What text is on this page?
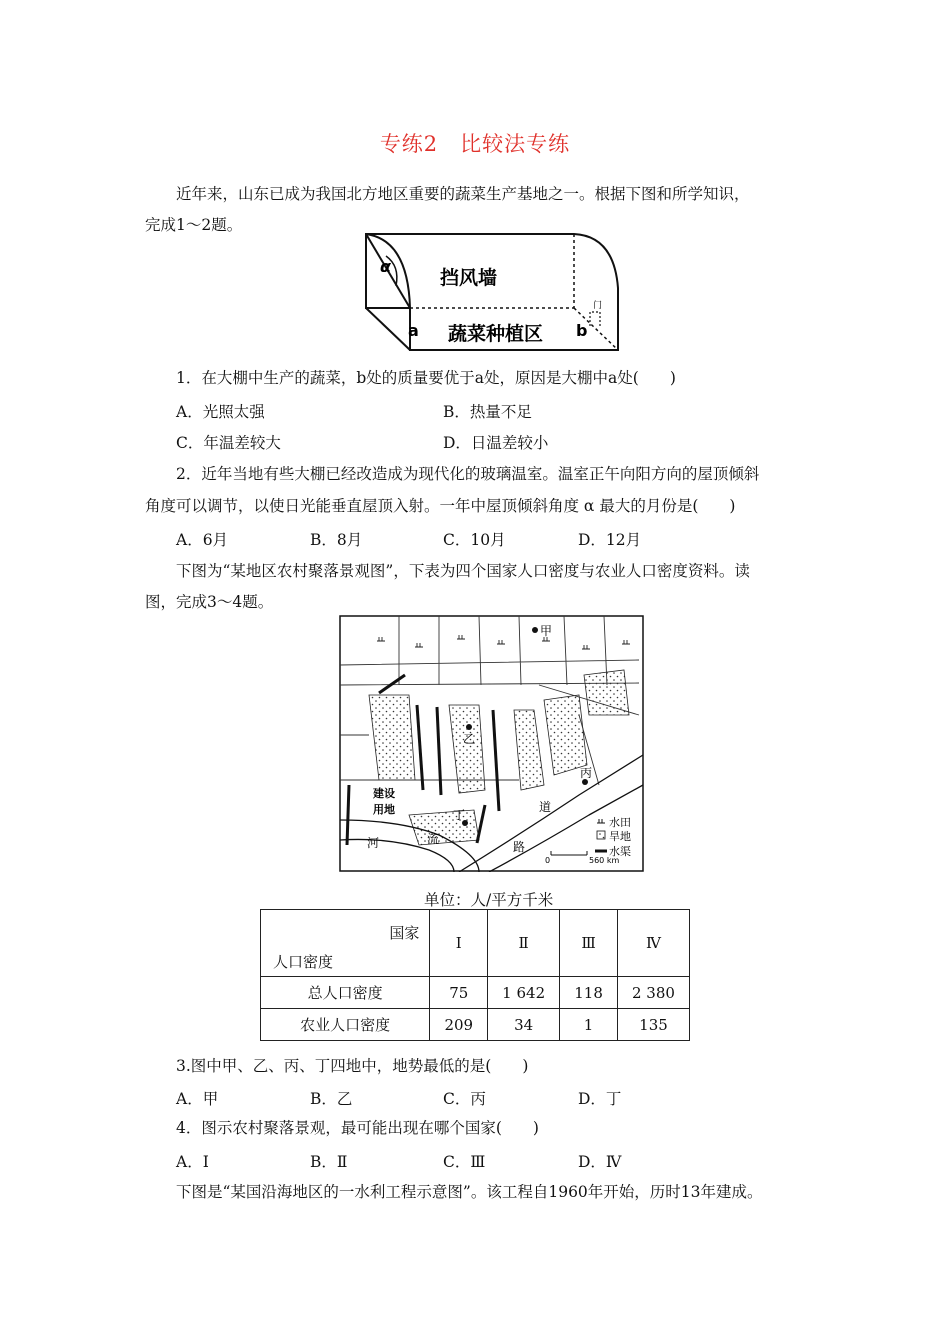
专练2　比较法专练
近年来，山东已成为我国北方地区重要的蔬菜生产基地之一。根据下图和所学知识，
完成1～2题。
α
挡风墙
a 蔬菜种植区 b
门
1．在大棚中生产的蔬菜，b处的质量要优于a处，原因是大棚中a处(　　)
A．光照太强	B．热量不足
C．年温差较大	D．日温差较小
2．近年当地有些大棚已经改造成为现代化的玻璃温室。温室正午向阳方向的屋顶倾斜
角度可以调节，以使日光能垂直屋顶入射。一年中屋顶倾斜角度 α 最大的月份是(　　)
A．6月	B．8月	C．10月	D．12月
下图为“某地区农村聚落景观图”，下表为四个国家人口密度与农业人口密度资料。读
图，完成3～4题。
甲
乙
丙
丁
建设
用地
河	流
道
路
水田
旱地
水渠
0	560 km
单位：人/平方千米
国家
人口密度	Ⅰ	Ⅱ	Ⅲ	Ⅳ
总人口密度	75	1 642	118	2 380
农业人口密度	209	34	1	135
3.图中甲、乙、丙、丁四地中，地势最低的是(　　)
A．甲	B．乙	C．丙	D．丁
4．图示农村聚落景观，最可能出现在哪个国家(　　)
A．Ⅰ	B．Ⅱ	C．Ⅲ	D．Ⅳ
下图是“某国沿海地区的一水利工程示意图”。该工程自1960年开始，历时13年建成。
